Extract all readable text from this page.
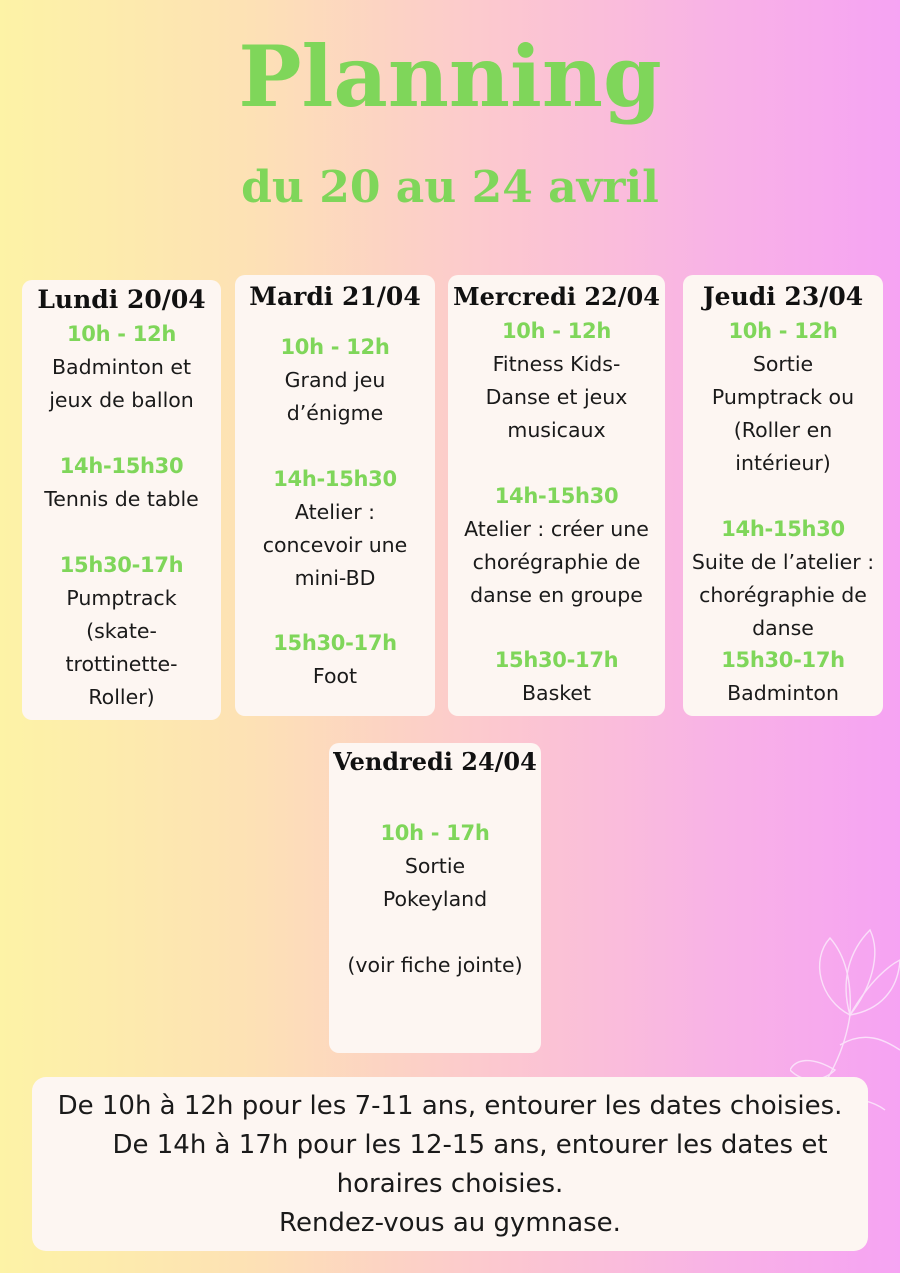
Planning
du 20 au 24 avril
Lundi 20/04
10h - 12h
Badminton et
jeux de ballon
14h-15h30
Tennis de table
15h30-17h
Pumptrack
(skate-
trottinette-
Roller)
Mardi 21/04
10h - 12h
Grand jeu
d’énigme
14h-15h30
Atelier :
concevoir une
mini-BD
15h30-17h
Foot
Mercredi 22/04
10h - 12h
Fitness Kids-
Danse et jeux
musicaux
14h-15h30
Atelier : créer une
chorégraphie de
danse en groupe
15h30-17h
Basket
Jeudi 23/04
10h - 12h
Sortie
Pumptrack ou
(Roller en
intérieur)
14h-15h30
Suite de l’atelier :
chorégraphie de
danse
15h30-17h
Badminton
Vendredi 24/04
10h - 17h
Sortie
Pokeyland
(voir fiche jointe)

De 10h à 12h pour les 7-11 ans, entourer les dates choisies.

De 14h à 17h pour les 12-15 ans, entourer les dates et

horaires choisies.

Rendez-vous au gymnase.
